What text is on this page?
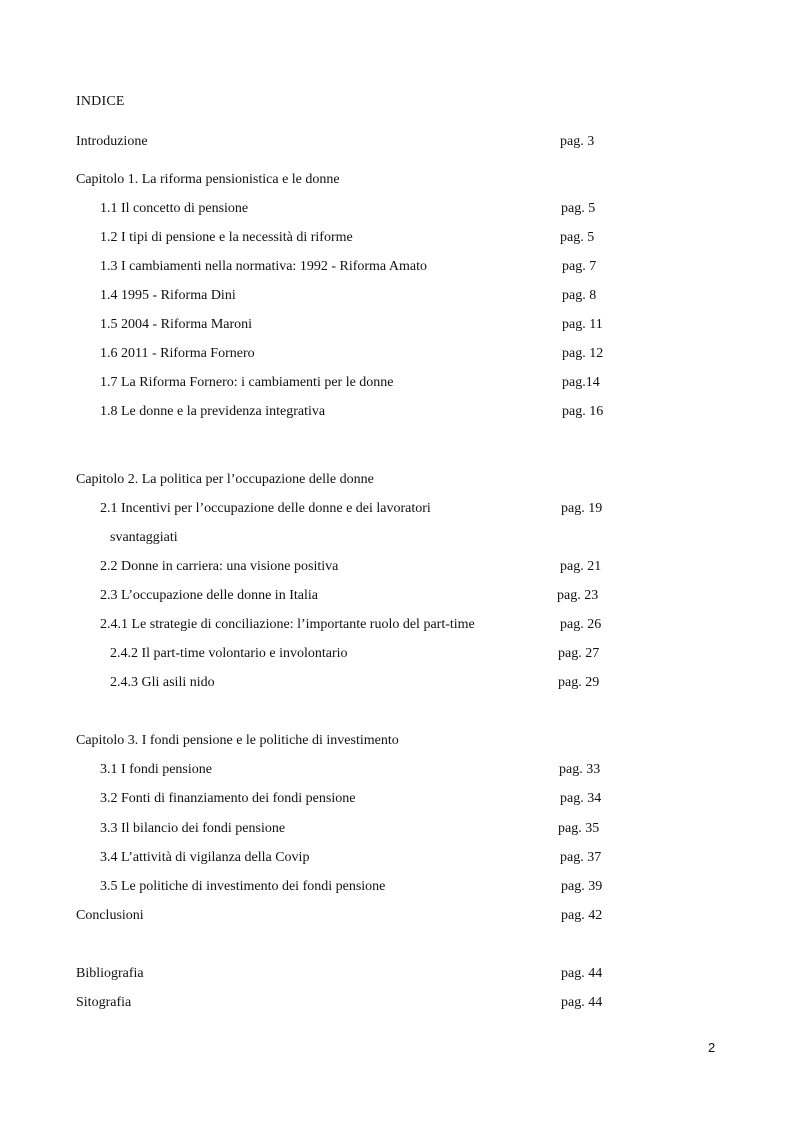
INDICE
Introduzione	pag. 3
Capitolo 1. La riforma pensionistica e le donne
1.1 Il concetto di pensione	pag. 5
1.2 I tipi di pensione e la necessità di riforme	pag. 5
1.3 I cambiamenti nella normativa: 1992 - Riforma Amato	pag. 7
1.4 1995 - Riforma Dini	pag. 8
1.5 2004 - Riforma Maroni	pag. 11
1.6 2011 - Riforma Fornero	pag. 12
1.7 La Riforma Fornero: i cambiamenti per le donne	pag.14
1.8 Le donne e la previdenza integrativa	pag. 16
Capitolo 2. La politica per l’occupazione delle donne
2.1 Incentivi per l’occupazione delle donne e dei lavoratori	pag. 19
svantaggiati
2.2 Donne in carriera: una visione positiva	pag. 21
2.3 L’occupazione delle donne in Italia	pag. 23
2.4.1 Le strategie di conciliazione: l’importante ruolo del part-time	pag. 26
2.4.2 Il part-time volontario e involontario	pag. 27
2.4.3 Gli asili nido	pag. 29
Capitolo 3. I fondi pensione e le politiche di investimento
3.1 I fondi pensione	pag. 33
3.2 Fonti di finanziamento dei fondi pensione	pag. 34
3.3 Il bilancio dei fondi pensione	pag. 35
3.4 L’attività di vigilanza della Covip	pag. 37
3.5 Le politiche di investimento dei fondi pensione	pag. 39
Conclusioni	pag. 42
Bibliografia	pag. 44
Sitografia	pag. 44
2
